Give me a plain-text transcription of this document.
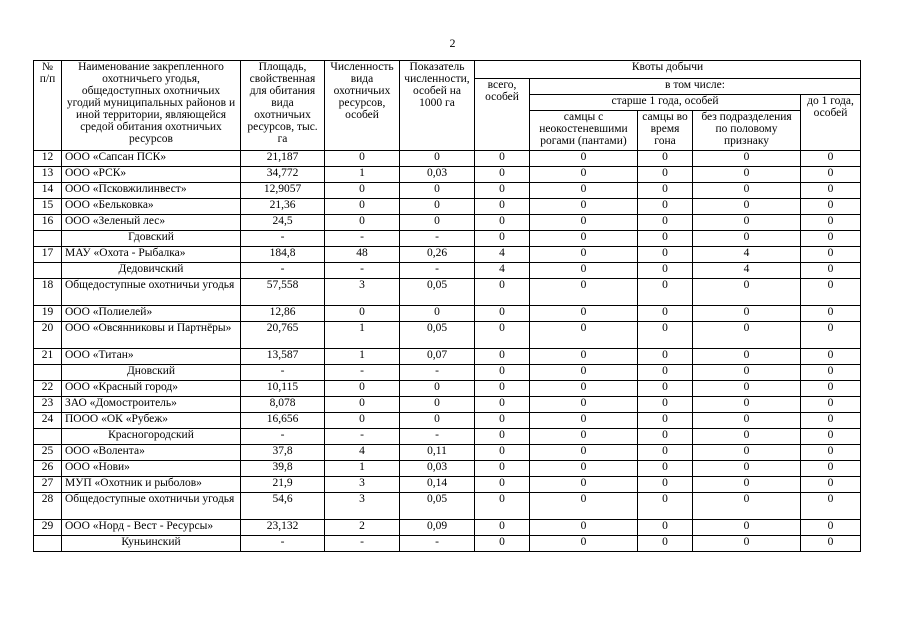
2
№ п/п	Наименование закрепленного охотничьего угодья, общедоступных охотничьих угодий муниципальных районов и иной территории, являющейся средой обитания охотничьих ресурсов	Площадь, свойственная для обитания вида охотничьих ресурсов, тыс. га	Численность вида охотничьих ресурсов, особей	Показатель численности, особей на 1000 га	Квоты добычи				
					всего, особей	в том числе:			
						старше 1 года, особей			до 1 года, особей
						самцы с неокостеневшими рогами (пантами)	самцы во время гона	без подразделения по половому признаку	
12	ООО «Сапсан ПСК»	21,187	0	0	0	0	0	0	0
13	ООО «РСК»	34,772	1	0,03	0	0	0	0	0
14	ООО «Псковжилинвест»	12,9057	0	0	0	0	0	0	0
15	ООО «Бельковка»	21,36	0	0	0	0	0	0	0
16	ООО «Зеленый лес»	24,5	0	0	0	0	0	0	0
	Гдовский	-	-	-	0	0	0	0	0
17	МАУ «Охота - Рыбалка»	184,8	48	0,26	4	0	0	4	0
	Дедовичский	-	-	-	4	0	0	4	0
18	Общедоступные охотничьи угодья	57,558	3	0,05	0	0	0	0	0
19	ООО «Полиелей»	12,86	0	0	0	0	0	0	0
20	ООО «Овсянниковы и Партнёры»	20,765	1	0,05	0	0	0	0	0
21	ООО «Титан»	13,587	1	0,07	0	0	0	0	0
	Дновский	-	-	-	0	0	0	0	0
22	ООО «Красный город»	10,115	0	0	0	0	0	0	0
23	ЗАО «Домостроитель»	8,078	0	0	0	0	0	0	0
24	ПООО «ОК «Рубеж»	16,656	0	0	0	0	0	0	0
	Красногородский	-	-	-	0	0	0	0	0
25	ООО «Волента»	37,8	4	0,11	0	0	0	0	0
26	ООО «Нови»	39,8	1	0,03	0	0	0	0	0
27	МУП «Охотник и рыболов»	21,9	3	0,14	0	0	0	0	0
28	Общедоступные охотничьи угодья	54,6	3	0,05	0	0	0	0	0
29	ООО «Норд - Вест - Ресурсы»	23,132	2	0,09	0	0	0	0	0
	Куньинский	-	-	-	0	0	0	0	0
